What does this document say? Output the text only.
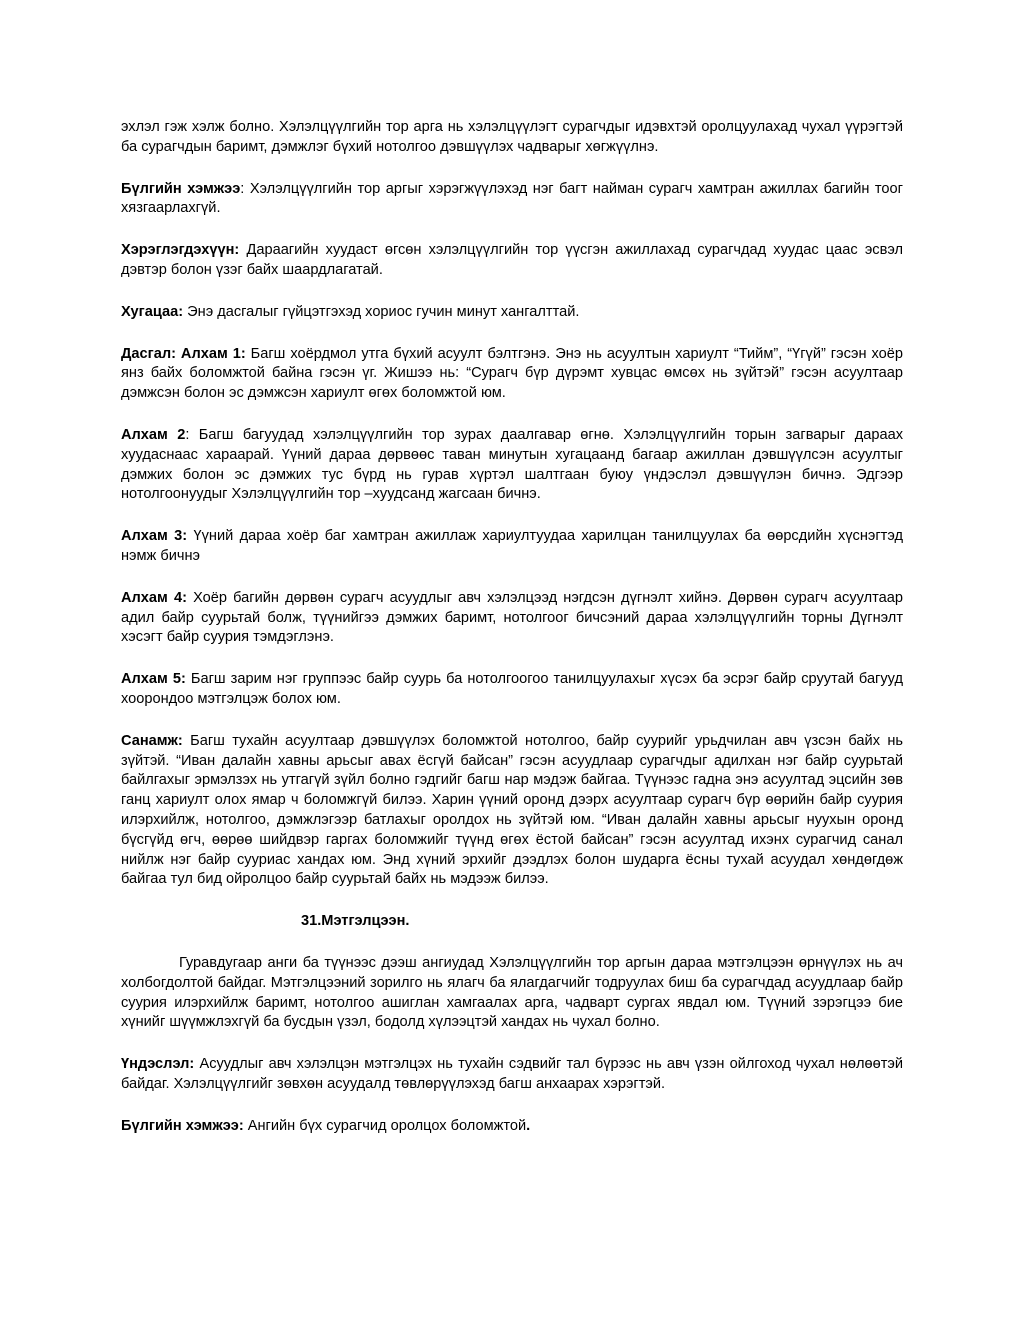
эхлэл гэж хэлж болно. Хэлэлцүүлгийн тор арга нь хэлэлцүүлэгт сурагчдыг идэвхтэй оролцуулахад чухал үүрэгтэй ба сурагчдын баримт, дэмжлэг бүхий нотолгоо дэвшүүлэх чадварыг хөгжүүлнэ.

Бүлгийн хэмжээ: Хэлэлцүүлгийн тор аргыг хэрэгжүүлэхэд нэг багт найман сурагч хамтран ажиллах багийн тоог хязгаарлахгүй.

Хэрэглэгдэхүүн: Дараагийн хуудаст өгсөн хэлэлцүүлгийн тор үүсгэн ажиллахад сурагчдад хуудас цаас эсвэл дэвтэр болон үзэг байх шаардлагатай.

Хугацаа: Энэ дасгалыг гүйцэтгэхэд хориос гучин минут хангалттай.

Дасгал: Алхам 1: Багш хоёрдмол утга бүхий асуулт бэлтгэнэ. Энэ нь асуултын хариулт “Тийм”, “Үгүй” гэсэн хоёр янз байх боломжтой байна гэсэн үг. Жишээ нь: “Сурагч бүр дүрэмт хувцас өмсөх нь зүйтэй” гэсэн асуултаар дэмжсэн болон эс дэмжсэн хариулт өгөх боломжтой юм.

Алхам 2: Багш багуудад хэлэлцүүлгийн тор зурах даалгавар өгнө. Хэлэлцүүлгийн торын загварыг дараах хуудаснаас хараарай. Үүний дараа дөрвөөс таван минутын хугацаанд багаар ажиллан дэвшүүлсэн асуултыг дэмжих болон эс дэмжих тус бүрд нь гурав хүртэл шалтгаан буюу үндэслэл дэвшүүлэн бичнэ. Эдгээр нотолгоонуудыг Хэлэлцүүлгийн тор –хуудсанд жагсаан бичнэ.

Алхам 3: Үүний дараа хоёр баг хамтран ажиллаж хариултуудаа харилцан танилцуулах ба өөрсдийн хүснэгтэд нэмж бичнэ

Алхам 4: Хоёр багийн дөрвөн сурагч асуудлыг авч хэлэлцээд нэгдсэн дүгнэлт хийнэ. Дөрвөн сурагч асуултаар адил байр суурьтай болж, түүнийгээ дэмжих баримт, нотолгоог бичсэний дараа хэлэлцүүлгийн торны Дүгнэлт хэсэгт байр суурия тэмдэглэнэ.

Алхам 5: Багш зарим нэг группээс байр суурь ба нотолгоогоо танилцуулахыг хүсэх ба эсрэг байр сруутай багууд хоорондоо мэтгэлцэж болох юм.

Санамж: Багш тухайн асуултаар дэвшүүлэх боломжтой нотолгоо, байр суурийг урьдчилан авч үзсэн байх нь зүйтэй. “Иван далайн хавны арьсыг авах ёсгүй байсан” гэсэн асуудлаар сурагчдыг адилхан нэг байр суурьтай байлгахыг эрмэлзэх нь утгагүй зүйл болно гэдгийг багш нар мэдэж байгаа. Түүнээс гадна энэ асуултад эцсийн зөв ганц хариулт олох ямар ч боломжгүй билээ. Харин үүний оронд дээрх асуултаар сурагч бүр өөрийн байр суурия илэрхийлж, нотолгоо, дэмжлэгээр батлахыг оролдох нь зүйтэй юм. “Иван далайн хавны арьсыг нуухын оронд бүсгүйд өгч, өөрөө шийдвэр гаргах боломжийг түүнд өгөх ёстой байсан” гэсэн асуултад ихэнх сурагчид санал нийлж нэг байр сууриас хандах юм. Энд хүний эрхийг дээдлэх болон шударга ёсны тухай асуудал хөндөгдөж байгаа тул бид ойролцоо байр суурьтай байх нь мэдээж билээ.

31.Мэтгэлцээн.

Гуравдугаар анги ба түүнээс дээш ангиудад Хэлэлцүүлгийн тор аргын дараа мэтгэлцээн өрнүүлэх нь ач холбогдолтой байдаг. Мэтгэлцээний зорилго нь ялагч ба ялагдагчийг тодруулах биш ба сурагчдад асуудлаар байр суурия илэрхийлж баримт, нотолгоо ашиглан хамгаалах арга, чадварт сургах явдал юм. Түүний зэрэгцээ бие хүнийг шүүмжлэхгүй ба бусдын үзэл, бодолд хүлээцтэй хандах нь чухал болно.

Үндэслэл: Асуудлыг авч хэлэлцэн мэтгэлцэх нь тухайн сэдвийг тал бүрээс нь авч үзэн ойлгоход чухал нөлөөтэй байдаг. Хэлэлцүүлгийг зөвхөн асуудалд төвлөрүүлэхэд багш анхаарах хэрэгтэй.

Бүлгийн хэмжээ: Ангийн бүх сурагчид оролцох боломжтой.
